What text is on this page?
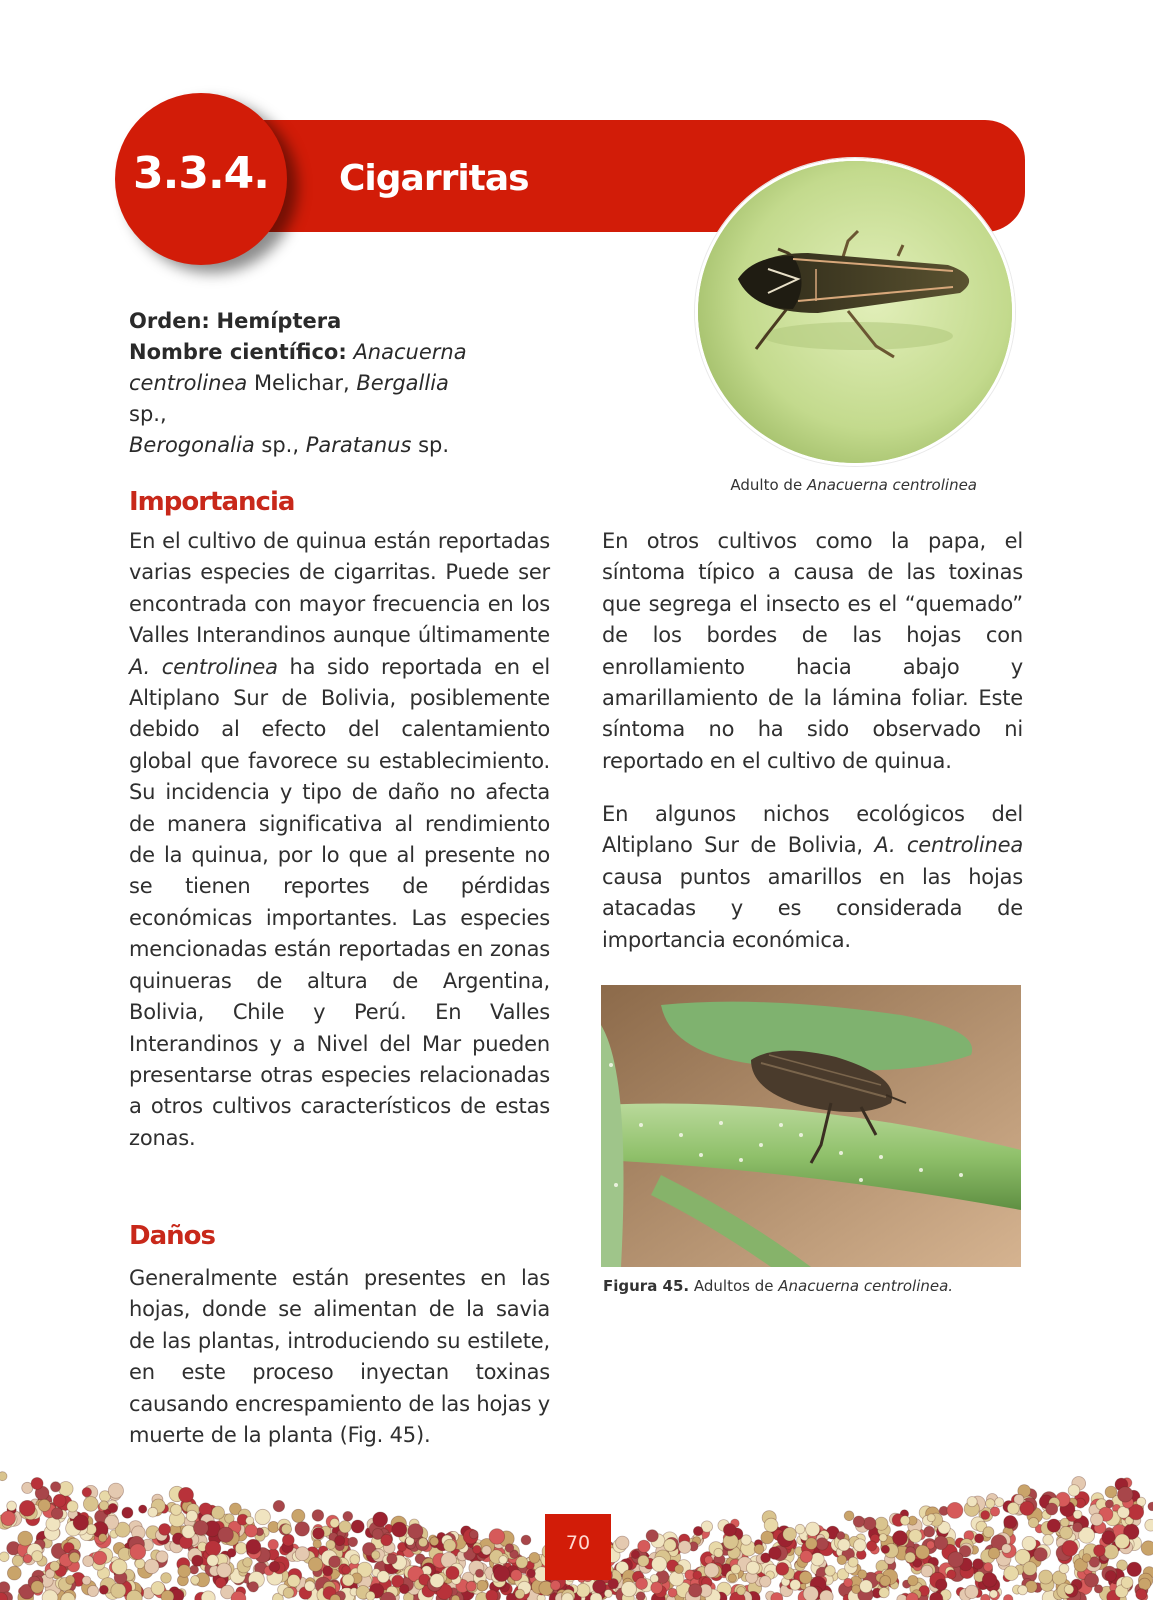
3.3.4.	Cigarritas
Adulto de Anacuerna centrolinea
Orden: Hemíptera
Nombre científico: Anacuerna
centrolinea Melichar, Bergallia sp.,
Berogonalia sp., Paratanus sp.
Importancia

En el cultivo de quinua están reportadas varias especies de cigarritas. Puede ser encontrada con mayor frecuencia en los Valles Interandinos aunque últimamente A. centrolinea ha sido reportada en el Altiplano Sur de Bolivia, posiblemente debido al efecto del calentamiento global que favorece su establecimiento. Su incidencia y tipo de daño no afecta de manera significativa al rendimiento de la quinua, por lo que al presente no se tienen reportes de pérdidas económicas importantes. Las especies mencionadas están reportadas en zonas quinueras de altura de Argentina, Bolivia, Chile y Perú. En Valles Interandinos y a Nivel del Mar pueden presentarse otras especies relacionadas a otros cultivos característicos de estas zonas.

En otros cultivos como la papa, el síntoma típico a causa de las toxinas que segrega el insecto es el “quemado” de los bordes de las hojas con enrollamiento hacia abajo y amarillamiento de la lámina foliar. Este síntoma no ha sido observado ni reportado en el cultivo de quinua.

En algunos nichos ecológicos del Altiplano Sur de Bolivia, A. centrolinea causa puntos amarillos en las hojas atacadas y es considerada de importancia económica.

Daños

Generalmente están presentes en las hojas, donde se alimentan de la savia de las plantas, introduciendo su estilete, en este proceso inyectan toxinas causando encrespamiento de las hojas y muerte de la planta (Fig. 45).

Figura 45. Adultos de Anacuerna centrolinea.
70
